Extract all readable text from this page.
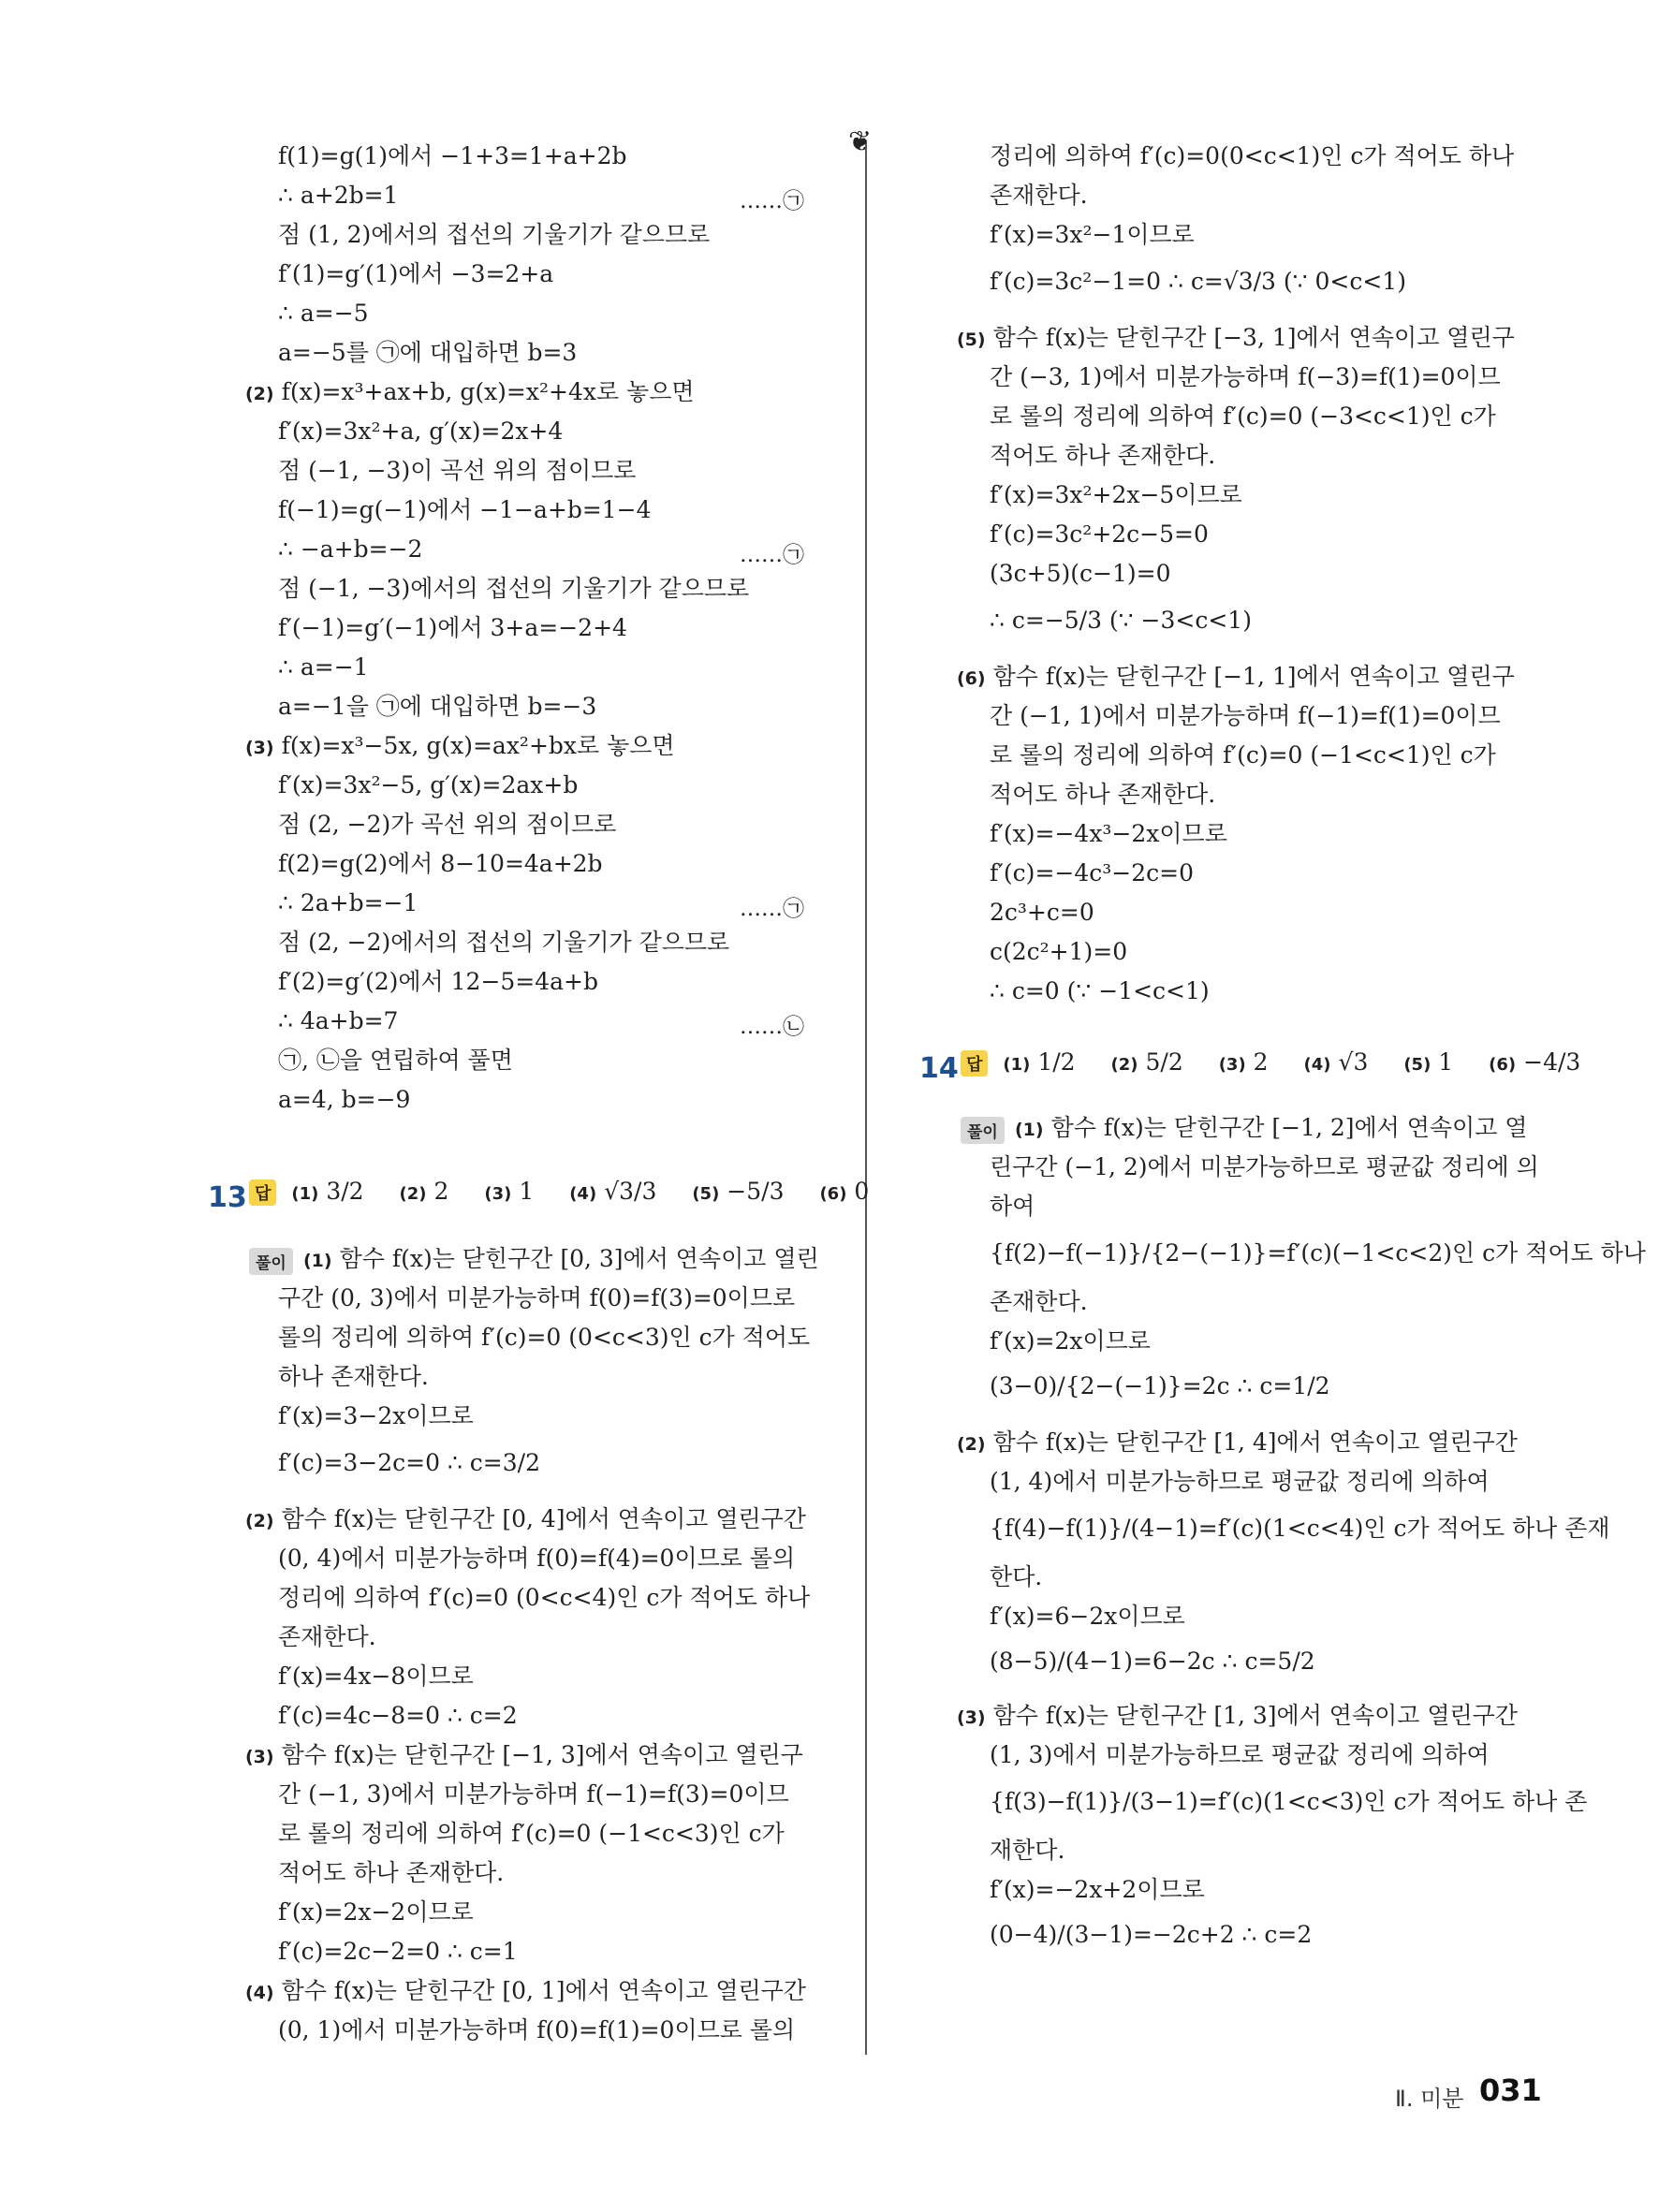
❦
f(1)=g(1)에서 −1+3=1+a+2b
∴ a+2b=1	……㉠
점 (1, 2)에서의 접선의 기울기가 같으므로
f′(1)=g′(1)에서 −3=2+a
∴ a=−5
a=−5를 ㉠에 대입하면 b=3
(2) f(x)=x³+ax+b, g(x)=x²+4x로 놓으면
f′(x)=3x²+a, g′(x)=2x+4
점 (−1, −3)이 곡선 위의 점이므로
f(−1)=g(−1)에서 −1−a+b=1−4
∴ −a+b=−2	……㉠
점 (−1, −3)에서의 접선의 기울기가 같으므로
f′(−1)=g′(−1)에서 3+a=−2+4
∴ a=−1
a=−1을 ㉠에 대입하면 b=−3
(3) f(x)=x³−5x, g(x)=ax²+bx로 놓으면
f′(x)=3x²−5, g′(x)=2ax+b
점 (2, −2)가 곡선 위의 점이므로
f(2)=g(2)에서 8−10=4a+2b
∴ 2a+b=−1	……㉠
점 (2, −2)에서의 접선의 기울기가 같으므로
f′(2)=g′(2)에서 12−5=4a+b
∴ 4a+b=7	……㉡
㉠, ㉡을 연립하여 풀면
a=4, b=−9
13 답 (1) 3/2 (2) 2 (3) 1 (4) √3/3 (5) −5/3 (6) 0
풀이 (1) 함수 f(x)는 닫힌구간 [0, 3]에서 연속이고 열린
구간 (0, 3)에서 미분가능하며 f(0)=f(3)=0이므로
롤의 정리에 의하여 f′(c)=0 (0<c<3)인 c가 적어도
하나 존재한다.
f′(x)=3−2x이므로
f′(c)=3−2c=0 ∴ c=3/2
(2) 함수 f(x)는 닫힌구간 [0, 4]에서 연속이고 열린구간
(0, 4)에서 미분가능하며 f(0)=f(4)=0이므로 롤의
정리에 의하여 f′(c)=0 (0<c<4)인 c가 적어도 하나
존재한다.
f′(x)=4x−8이므로
f′(c)=4c−8=0 ∴ c=2
(3) 함수 f(x)는 닫힌구간 [−1, 3]에서 연속이고 열린구
간 (−1, 3)에서 미분가능하며 f(−1)=f(3)=0이므
로 롤의 정리에 의하여 f′(c)=0 (−1<c<3)인 c가
적어도 하나 존재한다.
f′(x)=2x−2이므로
f′(c)=2c−2=0 ∴ c=1
(4) 함수 f(x)는 닫힌구간 [0, 1]에서 연속이고 열린구간
(0, 1)에서 미분가능하며 f(0)=f(1)=0이므로 롤의
정리에 의하여 f′(c)=0(0<c<1)인 c가 적어도 하나
존재한다.
f′(x)=3x²−1이므로
f′(c)=3c²−1=0 ∴ c=√3/3 (∵ 0<c<1)
(5) 함수 f(x)는 닫힌구간 [−3, 1]에서 연속이고 열린구
간 (−3, 1)에서 미분가능하며 f(−3)=f(1)=0이므
로 롤의 정리에 의하여 f′(c)=0 (−3<c<1)인 c가
적어도 하나 존재한다.
f′(x)=3x²+2x−5이므로
f′(c)=3c²+2c−5=0
(3c+5)(c−1)=0
∴ c=−5/3 (∵ −3<c<1)
(6) 함수 f(x)는 닫힌구간 [−1, 1]에서 연속이고 열린구
간 (−1, 1)에서 미분가능하며 f(−1)=f(1)=0이므
로 롤의 정리에 의하여 f′(c)=0 (−1<c<1)인 c가
적어도 하나 존재한다.
f′(x)=−4x³−2x이므로
f′(c)=−4c³−2c=0
2c³+c=0
c(2c²+1)=0
∴ c=0 (∵ −1<c<1)
14 답 (1) 1/2 (2) 5/2 (3) 2 (4) √3 (5) 1 (6) −4/3
풀이 (1) 함수 f(x)는 닫힌구간 [−1, 2]에서 연속이고 열
린구간 (−1, 2)에서 미분가능하므로 평균값 정리에 의
하여
{f(2)−f(−1)}/{2−(−1)}=f′(c)(−1<c<2)인 c가 적어도 하나
존재한다.
f′(x)=2x이므로
(3−0)/{2−(−1)}=2c ∴ c=1/2
(2) 함수 f(x)는 닫힌구간 [1, 4]에서 연속이고 열린구간
(1, 4)에서 미분가능하므로 평균값 정리에 의하여
{f(4)−f(1)}/(4−1)=f′(c)(1<c<4)인 c가 적어도 하나 존재
한다.
f′(x)=6−2x이므로
(8−5)/(4−1)=6−2c ∴ c=5/2
(3) 함수 f(x)는 닫힌구간 [1, 3]에서 연속이고 열린구간
(1, 3)에서 미분가능하므로 평균값 정리에 의하여
{f(3)−f(1)}/(3−1)=f′(c)(1<c<3)인 c가 적어도 하나 존
재한다.
f′(x)=−2x+2이므로
(0−4)/(3−1)=−2c+2 ∴ c=2
Ⅱ. 미분 031
